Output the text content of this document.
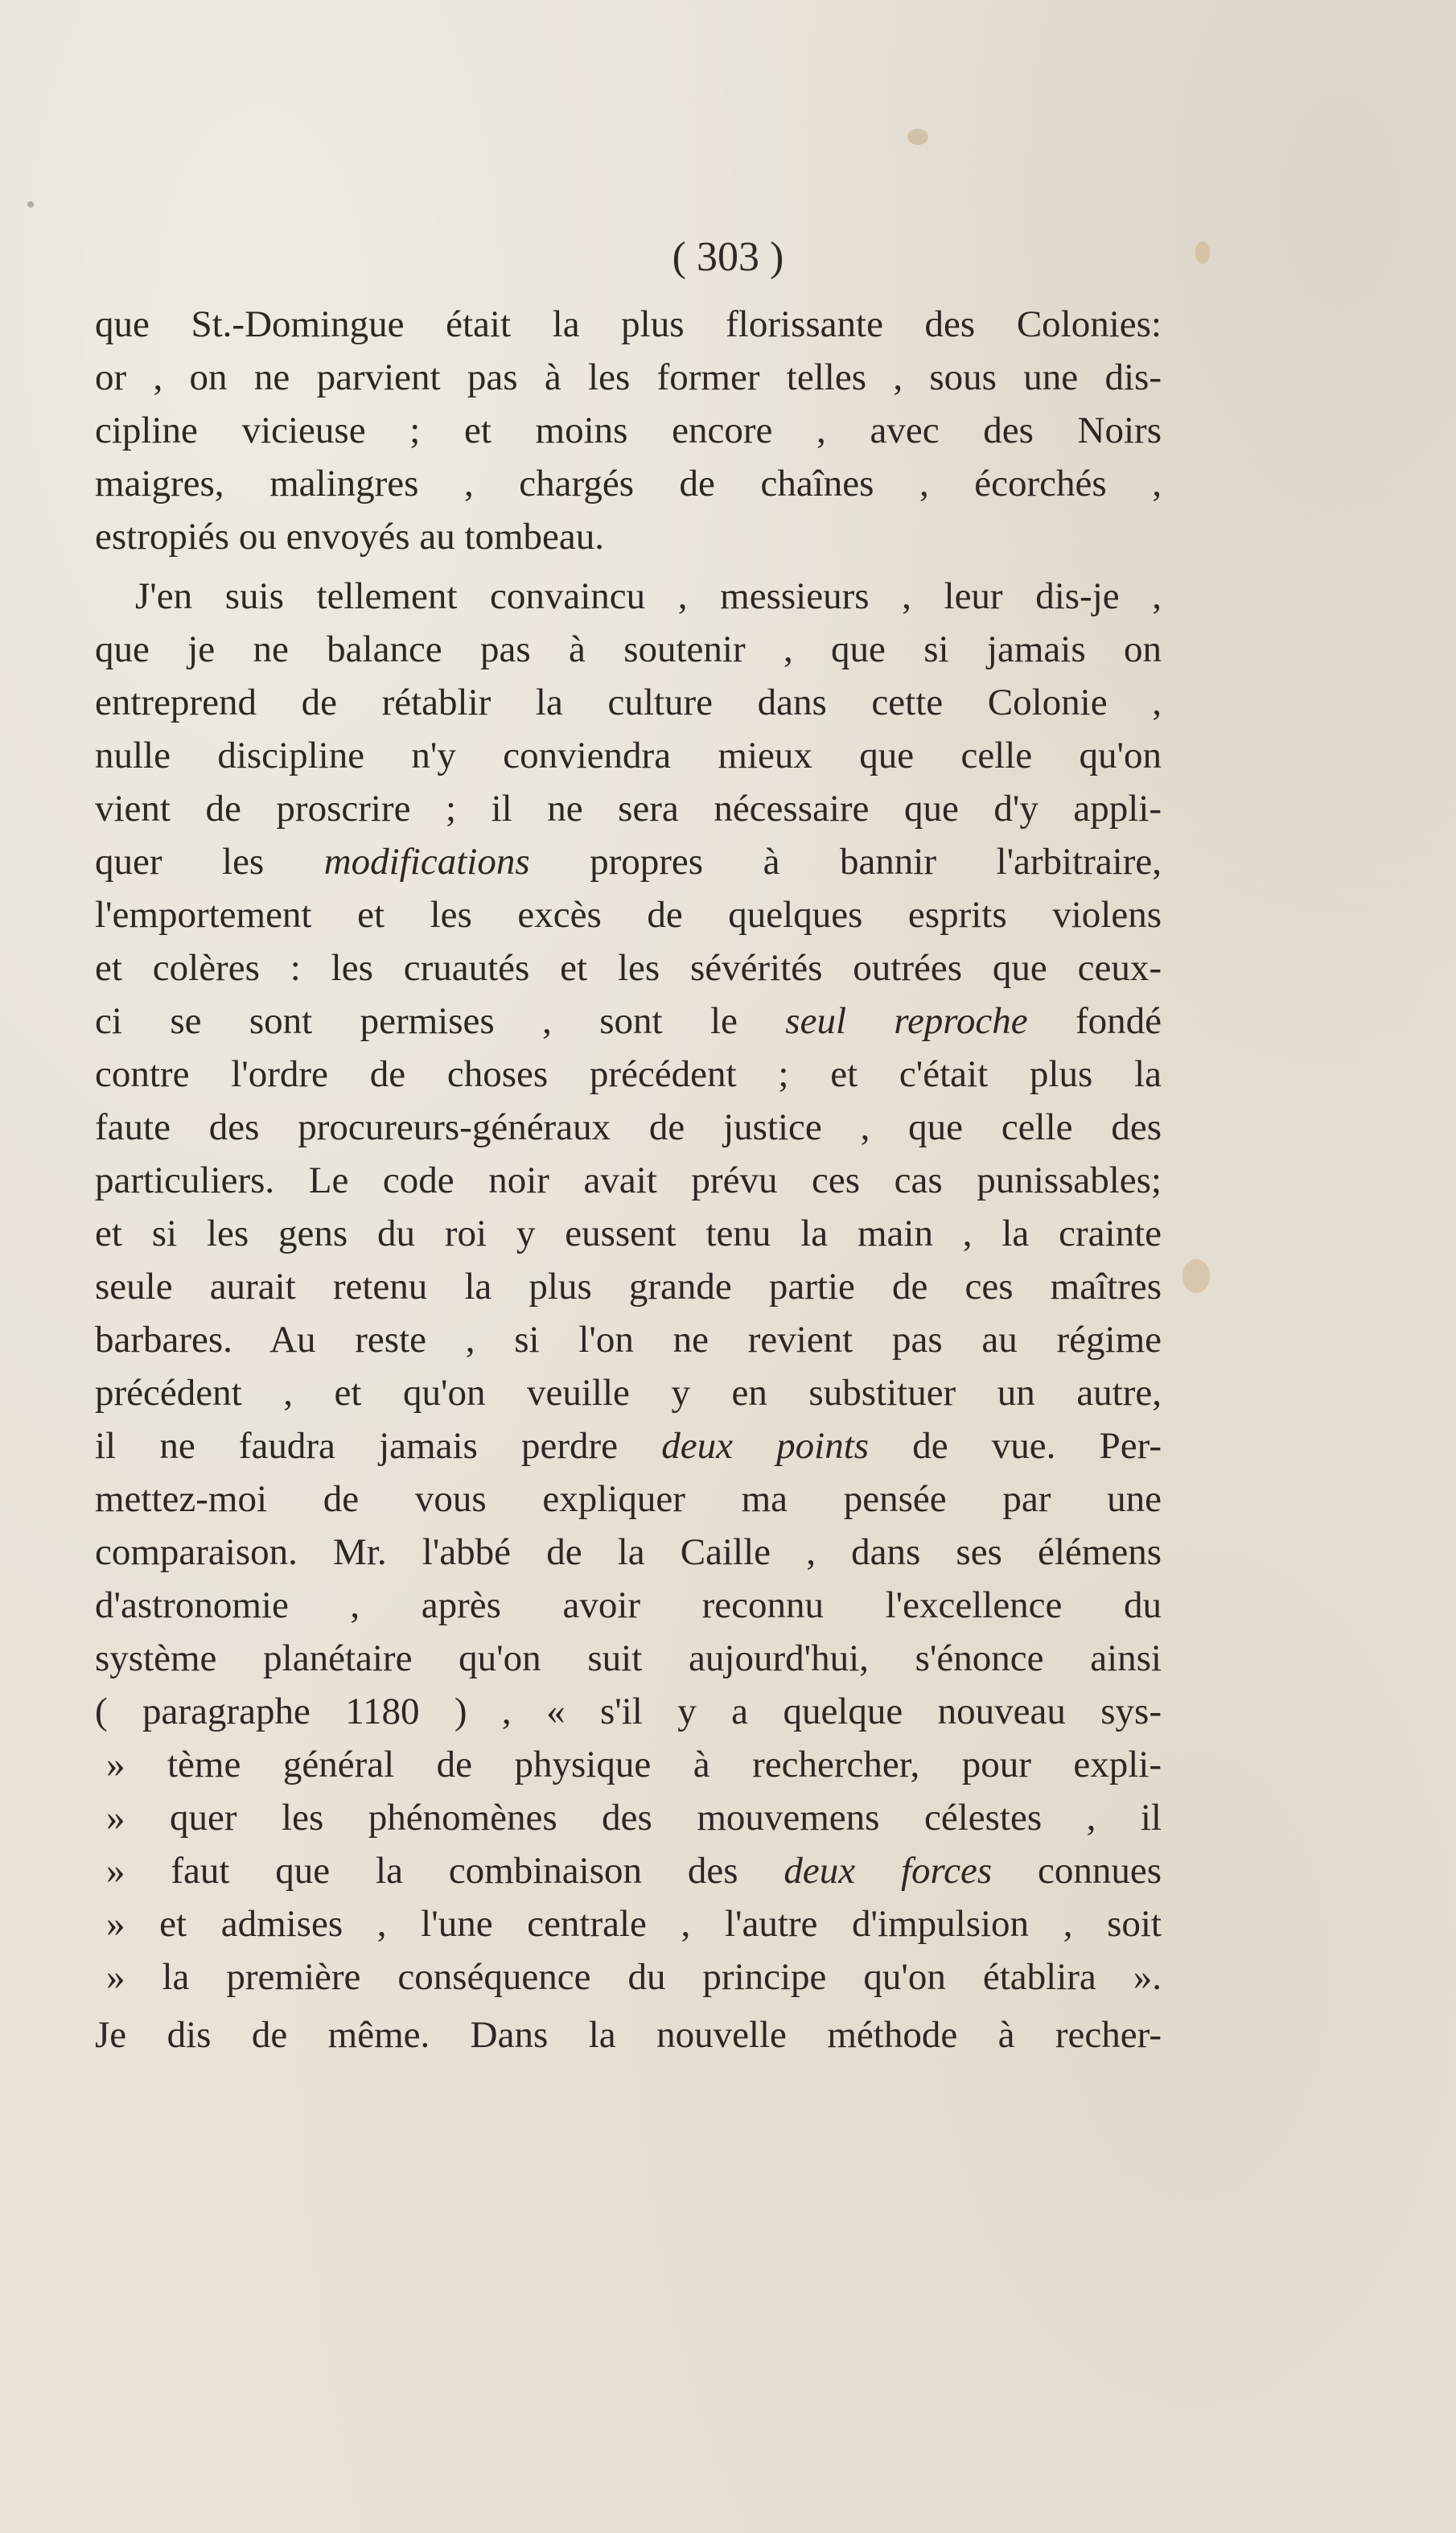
( 303 )
que St.-Domingue était la plus florissante des Colonies:
or , on ne parvient pas à les former telles , sous une dis-
cipline vicieuse ; et moins encore , avec des Noirs
maigres, malingres , chargés de chaînes , écorchés ,
estropiés ou envoyés au tombeau.
J'en suis tellement convaincu , messieurs , leur dis-je ,
que je ne balance pas à soutenir , que si jamais on
entreprend de rétablir la culture dans cette Colonie ,
nulle discipline n'y conviendra mieux que celle qu'on
vient de proscrire ; il ne sera nécessaire que d'y appli-
quer les modifications propres à bannir l'arbitraire,
l'emportement et les excès de quelques esprits violens
et colères : les cruautés et les sévérités outrées que ceux-
ci se sont permises , sont le seul reproche fondé
contre l'ordre de choses précédent ; et c'était plus la
faute des procureurs-généraux de justice , que celle des
particuliers. Le code noir avait prévu ces cas punissables;
et si les gens du roi y eussent tenu la main , la crainte
seule aurait retenu la plus grande partie de ces maîtres
barbares. Au reste , si l'on ne revient pas au régime
précédent , et qu'on veuille y en substituer un autre,
il ne faudra jamais perdre deux points de vue. Per-
mettez-moi de vous expliquer ma pensée par une
comparaison. Mr. l'abbé de la Caille , dans ses élémens
d'astronomie , après avoir reconnu l'excellence du
système planétaire qu'on suit aujourd'hui, s'énonce ainsi
( paragraphe 1180 ) , « s'il y a quelque nouveau sys-
» tème général de physique à rechercher, pour expli-
» quer les phénomènes des mouvemens célestes , il
» faut que la combinaison des deux forces connues
» et admises , l'une centrale , l'autre d'impulsion , soit
» la première conséquence du principe qu'on établira ».
Je dis de même. Dans la nouvelle méthode à recher-
